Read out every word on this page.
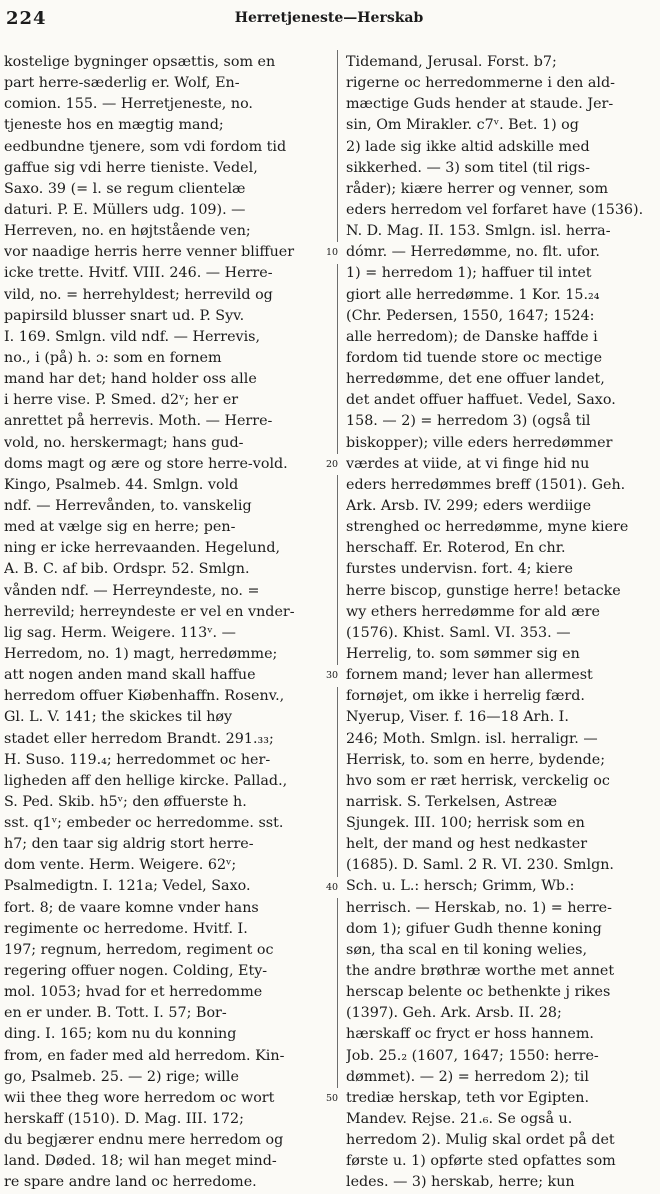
224	Herretjeneste—Herskab
kostelige bygninger opsættis, som en
part herre-sæderlig er. Wolf, En-
comion. 155. — Herretjeneste, no.
tjeneste hos en mægtig mand;
eedbundne tjenere, som vdi fordom tid
gaffue sig vdi herre tieniste. Vedel,
Saxo. 39 (= l. se regum clientelæ
daturi. P. E. Müllers udg. 109). —
Herreven, no. en højtstående ven;
vor naadige herris herre venner bliffuer
icke trette. Hvitf. VIII. 246. — Herre-
vild, no. = herrehyldest; herrevild og
papirsild blusser snart ud. P. Syv.
I. 169. Smlgn. vild ndf. — Herrevis,
no., i (på) h. ɔ: som en fornem
mand har det; hand holder oss alle
i herre vise. P. Smed. d2ᵛ; her er
anrettet på herrevis. Moth. — Herre-
vold, no. herskermagt; hans gud-
doms magt og ære og store herre-vold.
Kingo, Psalmeb. 44. Smlgn. vold
ndf. — Herrevånden, to. vanskelig
med at vælge sig en herre; pen-
ning er icke herrevaanden. Hegelund,
A. B. C. af bib. Ordspr. 52. Smlgn.
vånden ndf. — Herreyndeste, no. =
herrevild; herreyndeste er vel en vnder-
lig sag. Herm. Weigere. 113ᵛ. —
Herredom, no. 1) magt, herredømme;
att nogen anden mand skall haffue
herredom offuer Kiøbenhaffn. Rosenv.,
Gl. L. V. 141; the skickes til høy
stadet eller herredom Brandt. 291.₃₃;
H. Suso. 119.₄; herredommet oc her-
ligheden aff den hellige kircke. Pallad.,
S. Ped. Skib. h5ᵛ; den øffuerste h.
sst. q1ᵛ; embeder oc herredomme. sst.
h7; den taar sig aldrig stort herre-
dom vente. Herm. Weigere. 62ᵛ;
Psalmedigtn. I. 121a; Vedel, Saxo.
fort. 8; de vaare komne vnder hans
regimente oc herredome. Hvitf. I.
197; regnum, herredom, regiment oc
regering offuer nogen. Colding, Ety-
mol. 1053; hvad for et herredomme
en er under. B. Tott. I. 57; Bor-
ding. I. 165; kom nu du konning
from, en fader med ald herredom. Kin-
go, Psalmeb. 25. — 2) rige; wille
wii thee theg wore herredom oc wort
herskaff (1510). D. Mag. III. 172;
du begjærer endnu mere herredom og
land. Døded. 18; wil han meget mind-
re spare andre land oc herredome.
10
20
30
40
50
Tidemand, Jerusal. Forst. b7;
rigerne oc herredommerne i den ald-
mæctige Guds hender at staude. Jer-
sin, Om Mirakler. c7ᵛ. Bet. 1) og
2) lade sig ikke altid adskille med
sikkerhed. — 3) som titel (til rigs-
råder); kiære herrer og venner, som
eders herredom vel forfaret have (1536).
N. D. Mag. II. 153. Smlgn. isl. herra-
dómr. — Herredømme, no. flt. ufor.
1) = herredom 1); haffuer til intet
giort alle herredømme. 1 Kor. 15.₂₄
(Chr. Pedersen, 1550, 1647; 1524:
alle herredom); de Danske haffde i
fordom tid tuende store oc mectige
herredømme, det ene offuer landet,
det andet offuer haffuet. Vedel, Saxo.
158. — 2) = herredom 3) (også til
biskopper); ville eders herredømmer
værdes at viide, at vi finge hid nu
eders herredømmes breff (1501). Geh.
Ark. Arsb. IV. 299; eders werdiige
strenghed oc herredømme, myne kiere
herschaff. Er. Roterod, En chr.
furstes undervisn. fort. 4; kiere
herre biscop, gunstige herre! betacke
wy ethers herredømme for ald ære
(1576). Khist. Saml. VI. 353. —
Herrelig, to. som sømmer sig en
fornem mand; lever han allermest
fornøjet, om ikke i herrelig færd.
Nyerup, Viser. f. 16—18 Arh. I.
246; Moth. Smlgn. isl. herraligr. —
Herrisk, to. som en herre, bydende;
hvo som er ræt herrisk, verckelig oc
narrisk. S. Terkelsen, Astreæ
Sjungek. III. 100; herrisk som en
helt, der mand og hest nedkaster
(1685). D. Saml. 2 R. VI. 230. Smlgn.
Sch. u. L.: hersch; Grimm, Wb.:
herrisch. — Herskab, no. 1) = herre-
dom 1); gifuer Gudh thenne koning
søn, tha scal en til koning welies,
the andre brøthræ worthe met annet
herscap belente oc bethenkte j rikes
(1397). Geh. Ark. Arsb. II. 28;
hærskaff oc fryct er hoss hannem.
Job. 25.₂ (1607, 1647; 1550: herre-
dømmet). — 2) = herredom 2); til
trediæ herskap, teth vor Egipten.
Mandev. Rejse. 21.₆. Se også u.
herredom 2). Mulig skal ordet på det
første u. 1) opførte sted opfattes som
ledes. — 3) herskab, herre; kun
